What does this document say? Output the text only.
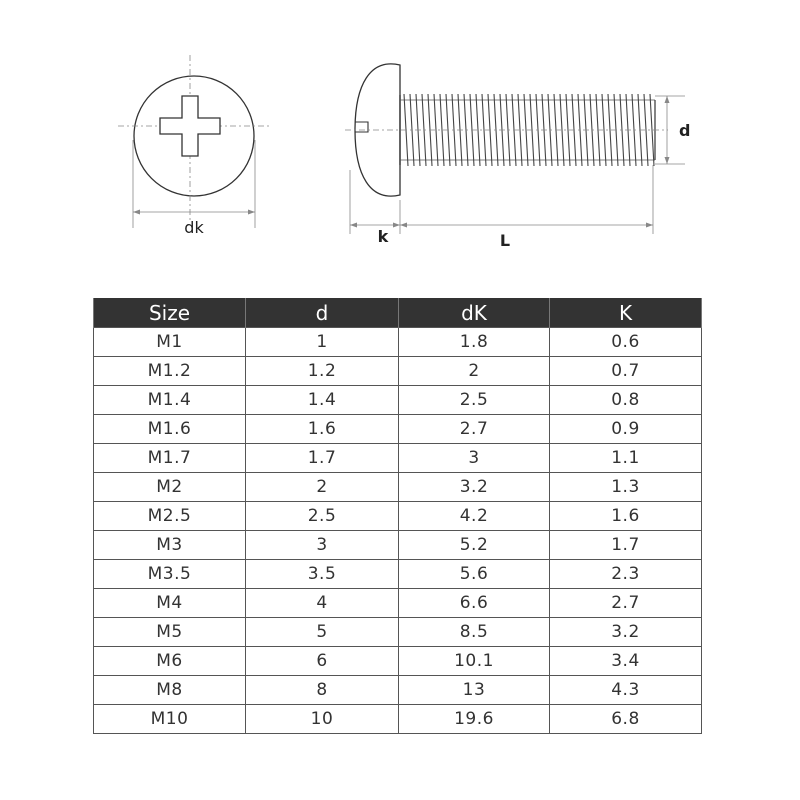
dk
d
k	L
Size	d	dK	K
M1	1	1.8	0.6
M1.2	1.2	2	0.7
M1.4	1.4	2.5	0.8
M1.6	1.6	2.7	0.9
M1.7	1.7	3	1.1
M2	2	3.2	1.3
M2.5	2.5	4.2	1.6
M3	3	5.2	1.7
M3.5	3.5	5.6	2.3
M4	4	6.6	2.7
M5	5	8.5	3.2
M6	6	10.1	3.4
M8	8	13	4.3
M10	10	19.6	6.8
